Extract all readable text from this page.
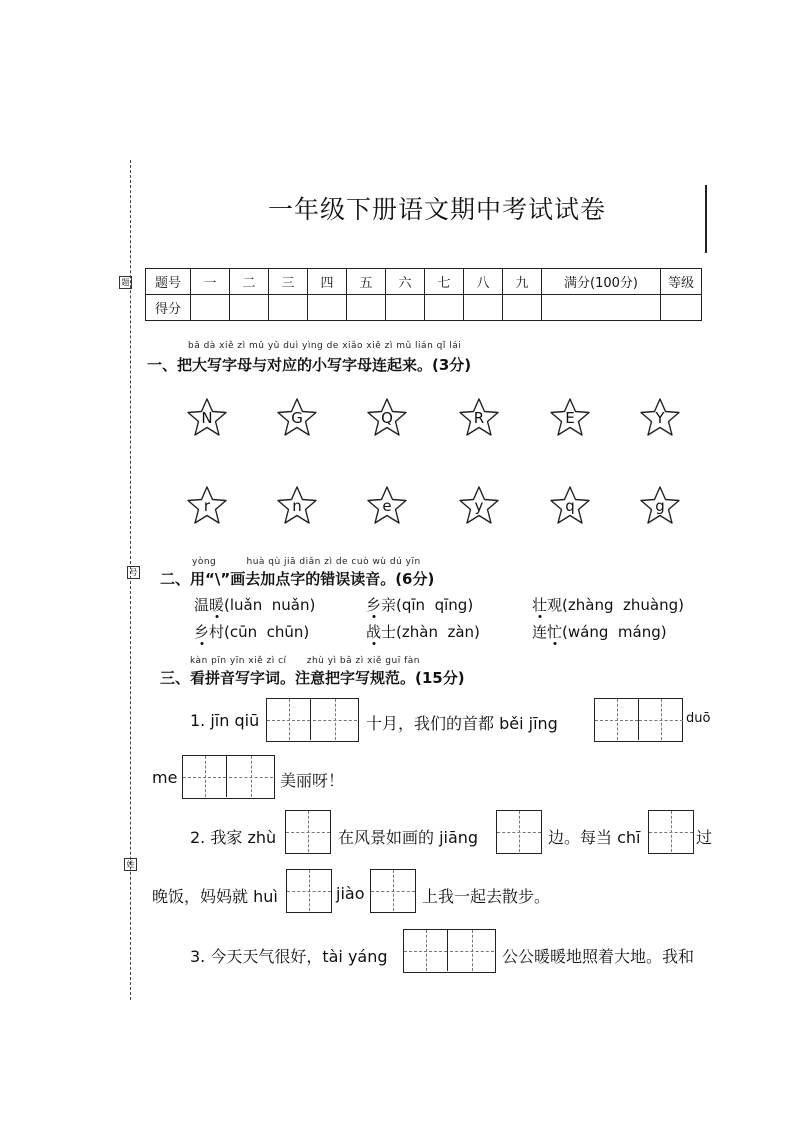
题
号
姓
一年级下册语文期中考试试卷
题号	一	二	三	四	五	六	七	八	九	满分(100分)	等级
得分											
bǎ dà xiě zì mǔ yǔ duì yìng de xiǎo xiě zì mǔ lián qǐ lái
一、把大写字母与对应的小写字母连起来。(3分)
N	G	Q	R	E	Y
r	n	e	y	q	g
yòng         huà qù jiā diǎn zì de cuò wù dú yīn
二、用“\”画去加点字的错误读音。(6分)
温暖(luǎn  nuǎn)	乡亲(qīn  qīng)	壮观(zhàng  zhuàng)
乡村(cūn  chūn)	战士(zhàn  zàn)	连忙(wáng  máng)
kàn pīn yīn xiě zì cí      zhù yì bǎ zì xiě guī fàn
三、看拼音写字词。注意把字写规范。(15分)
1. jīn qiū	十月，我们的首都 běi jīng	duō
me	美丽呀！
2. 我家 zhù	在风景如画的 jiāng	边。每当 chī	过
晚饭，妈妈就 huì	jiào	上我一起去散步。
3. 今天天气很好，tài yáng	公公暖暖地照着大地。我和
